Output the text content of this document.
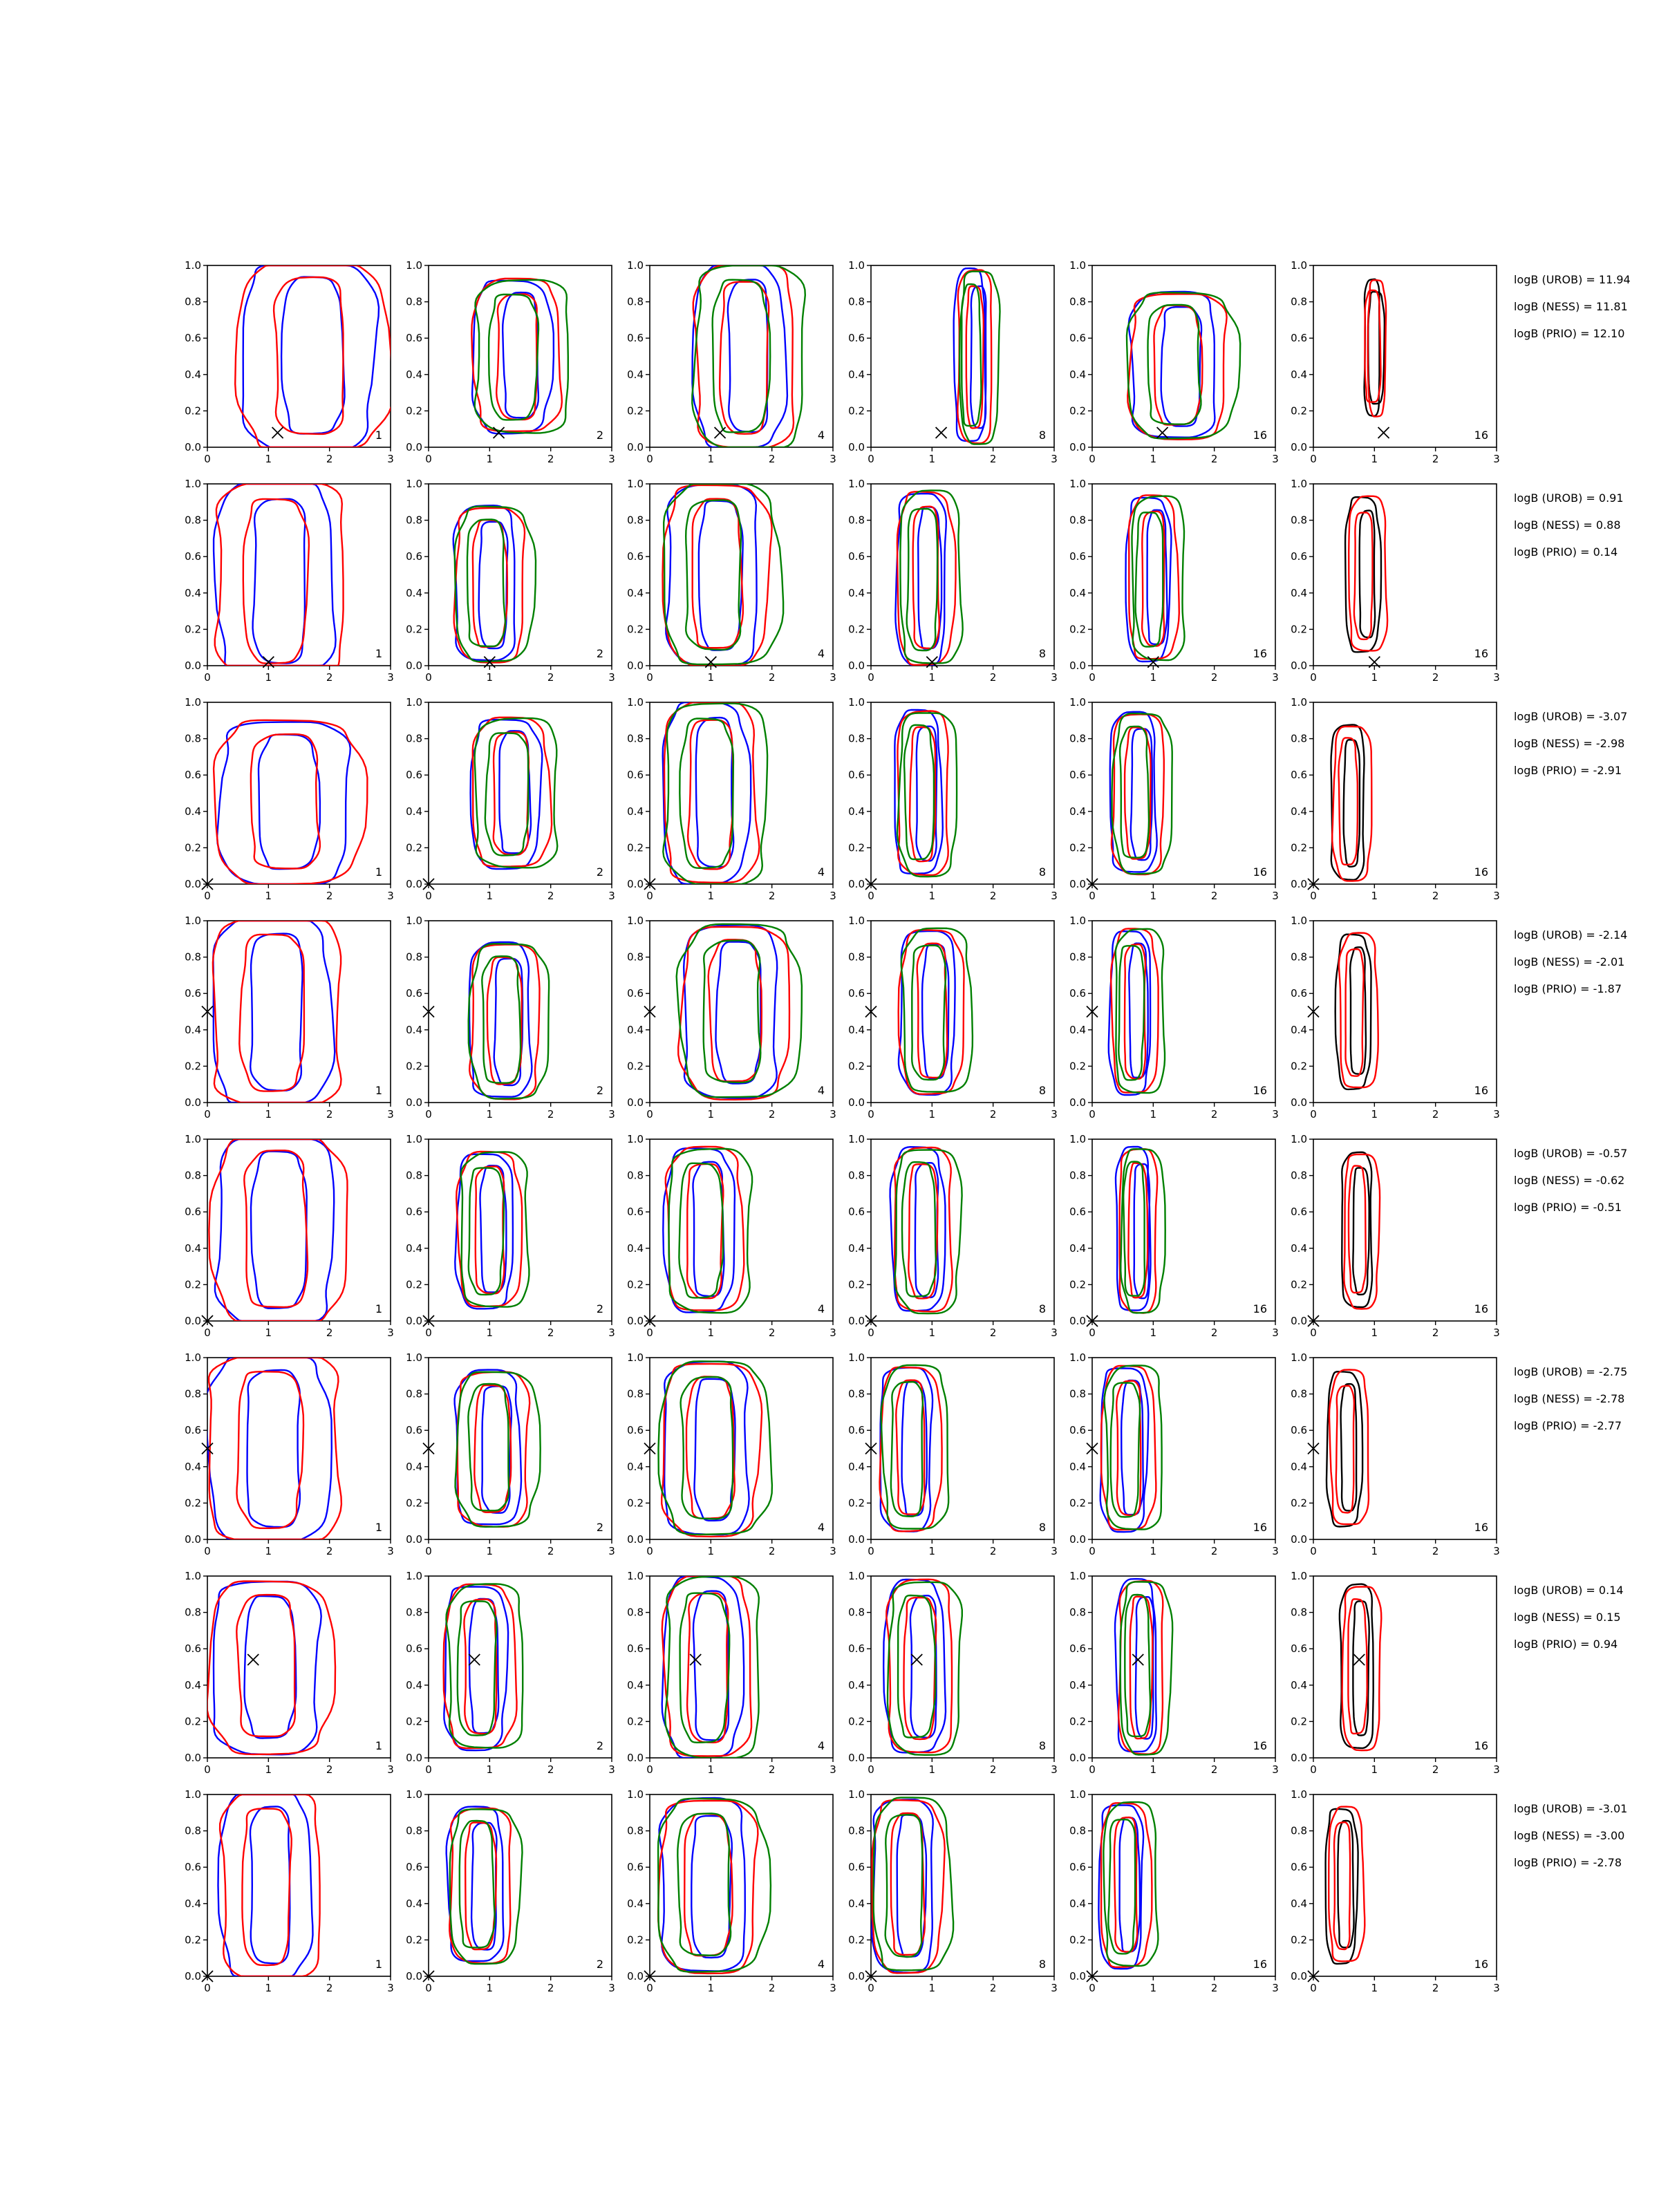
0	1	2	3
0.0
0.2
0.4
0.6
0.8
1.0
1
0	1	2	3
0.0
0.2
0.4
0.6
0.8
1.0
2
0	1	2	3
0.0
0.2
0.4
0.6
0.8
1.0
4
0	1	2	3
0.0
0.2
0.4
0.6
0.8
1.0
8
0	1	2	3
0.0
0.2
0.4
0.6
0.8
1.0
16
0	1	2	3
0.0
0.2
0.4
0.6
0.8
1.0
16
logB (UROB) = 11.94
logB (NESS) = 11.81
logB (PRIO) = 12.10
0	1	2	3
0.0
0.2
0.4
0.6
0.8
1.0
1
0	1	2	3
0.0
0.2
0.4
0.6
0.8
1.0
2
0	1	2	3
0.0
0.2
0.4
0.6
0.8
1.0
4
0	1	2	3
0.0
0.2
0.4
0.6
0.8
1.0
8
0	1	2	3
0.0
0.2
0.4
0.6
0.8
1.0
16
0	1	2	3
0.0
0.2
0.4
0.6
0.8
1.0
16
logB (UROB) = 0.91
logB (NESS) = 0.88
logB (PRIO) = 0.14
0	1	2	3
0.0
0.2
0.4
0.6
0.8
1.0
1
0	1	2	3
0.0
0.2
0.4
0.6
0.8
1.0
2
0	1	2	3
0.0
0.2
0.4
0.6
0.8
1.0
4
0	1	2	3
0.0
0.2
0.4
0.6
0.8
1.0
8
0	1	2	3
0.0
0.2
0.4
0.6
0.8
1.0
16
0	1	2	3
0.0
0.2
0.4
0.6
0.8
1.0
16
logB (UROB) = -3.07
logB (NESS) = -2.98
logB (PRIO) = -2.91
0	1	2	3
0.0
0.2
0.4
0.6
0.8
1.0
1
0	1	2	3
0.0
0.2
0.4
0.6
0.8
1.0
2
0	1	2	3
0.0
0.2
0.4
0.6
0.8
1.0
4
0	1	2	3
0.0
0.2
0.4
0.6
0.8
1.0
8
0	1	2	3
0.0
0.2
0.4
0.6
0.8
1.0
16
0	1	2	3
0.0
0.2
0.4
0.6
0.8
1.0
16
logB (UROB) = -2.14
logB (NESS) = -2.01
logB (PRIO) = -1.87
0	1	2	3
0.0
0.2
0.4
0.6
0.8
1.0
1
0	1	2	3
0.0
0.2
0.4
0.6
0.8
1.0
2
0	1	2	3
0.0
0.2
0.4
0.6
0.8
1.0
4
0	1	2	3
0.0
0.2
0.4
0.6
0.8
1.0
8
0	1	2	3
0.0
0.2
0.4
0.6
0.8
1.0
16
0	1	2	3
0.0
0.2
0.4
0.6
0.8
1.0
16
logB (UROB) = -0.57
logB (NESS) = -0.62
logB (PRIO) = -0.51
0	1	2	3
0.0
0.2
0.4
0.6
0.8
1.0
1
0	1	2	3
0.0
0.2
0.4
0.6
0.8
1.0
2
0	1	2	3
0.0
0.2
0.4
0.6
0.8
1.0
4
0	1	2	3
0.0
0.2
0.4
0.6
0.8
1.0
8
0	1	2	3
0.0
0.2
0.4
0.6
0.8
1.0
16
0	1	2	3
0.0
0.2
0.4
0.6
0.8
1.0
16
logB (UROB) = -2.75
logB (NESS) = -2.78
logB (PRIO) = -2.77
0	1	2	3
0.0
0.2
0.4
0.6
0.8
1.0
1
0	1	2	3
0.0
0.2
0.4
0.6
0.8
1.0
2
0	1	2	3
0.0
0.2
0.4
0.6
0.8
1.0
4
0	1	2	3
0.0
0.2
0.4
0.6
0.8
1.0
8
0	1	2	3
0.0
0.2
0.4
0.6
0.8
1.0
16
0	1	2	3
0.0
0.2
0.4
0.6
0.8
1.0
16
logB (UROB) = 0.14
logB (NESS) = 0.15
logB (PRIO) = 0.94
0	1	2	3
0.0
0.2
0.4
0.6
0.8
1.0
1
0	1	2	3
0.0
0.2
0.4
0.6
0.8
1.0
2
0	1	2	3
0.0
0.2
0.4
0.6
0.8
1.0
4
0	1	2	3
0.0
0.2
0.4
0.6
0.8
1.0
8
0	1	2	3
0.0
0.2
0.4
0.6
0.8
1.0
16
0	1	2	3
0.0
0.2
0.4
0.6
0.8
1.0
16
logB (UROB) = -3.01
logB (NESS) = -3.00
logB (PRIO) = -2.78
